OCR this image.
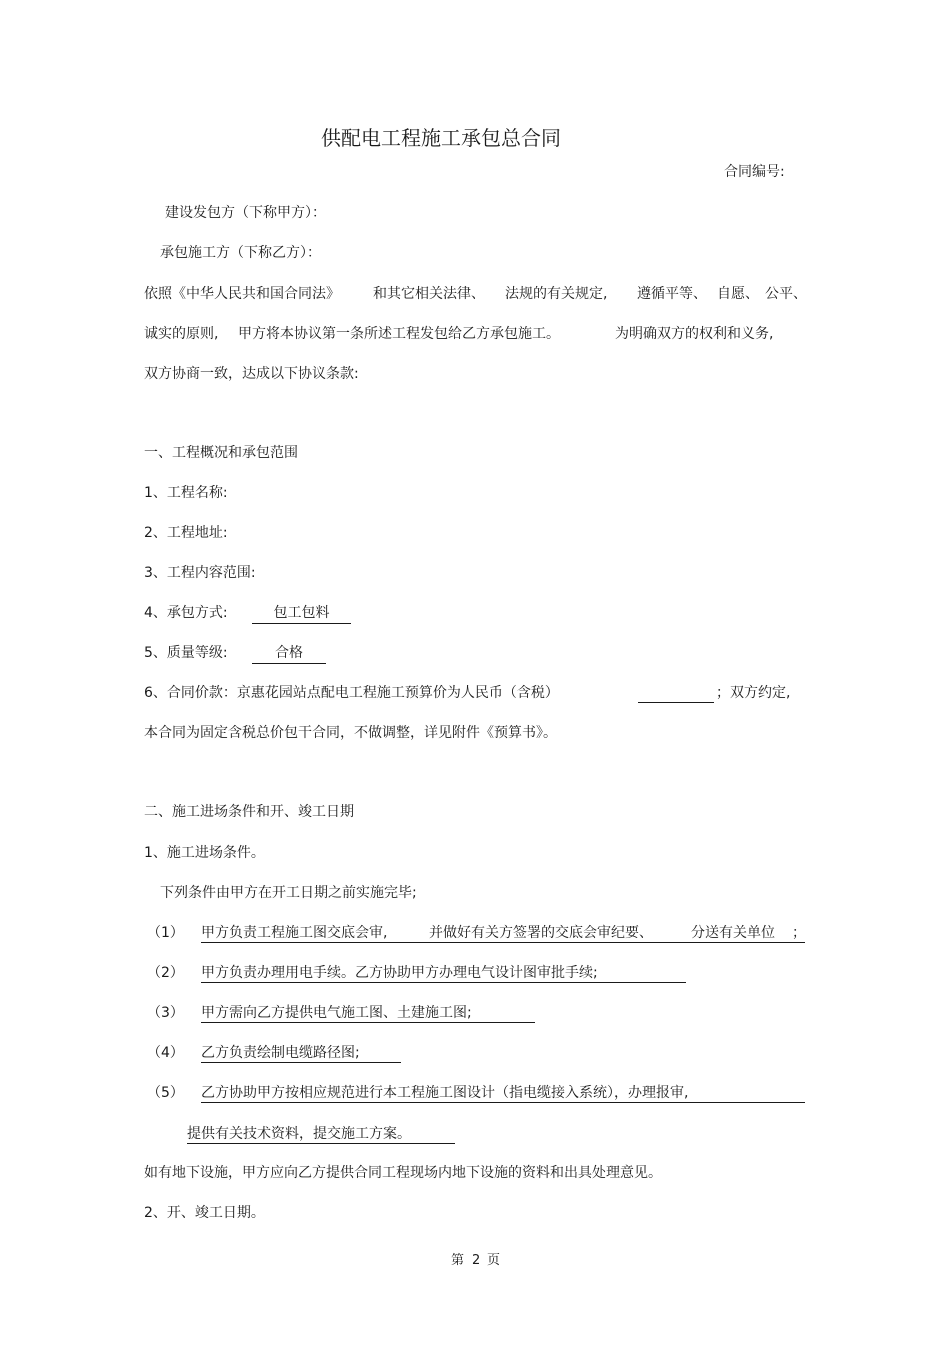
供配电工程施工承包总合同
合同编号:
建设发包方（下称甲方）：
承包施工方（下称乙方）：
依照《中华人民共和国合同法》 和其它相关法律、 法规的有关规定, 遵循平等、 自愿、 公平、
诚实的原则, 甲方将本协议第一条所述工程发包给乙方承包施工。	为明确双方的权利和义务,
双方协商一致，达成以下协议条款:
一、工程概况和承包范围
1、工程名称:
2、工程地址:
3、工程内容范围:
4、承包方式:	包工包料
5、质量等级:	合格
6、合同价款：京惠花园站点配电工程施工预算价为人民币（含税）	；双方约定,
本合同为固定含税总价包干合同，不做调整，详见附件《预算书》。
二、施工进场条件和开、竣工日期
1、施工进场条件。
下列条件由甲方在开工日期之前实施完毕;
（1） 甲方负责工程施工图交底会审,	并做好有关方签署的交底会审纪要、	分送有关单位 ；
（2） 甲方负责办理用电手续。乙方协助甲方办理电气设计图审批手续;
（3） 甲方需向乙方提供电气施工图、土建施工图;
（4） 乙方负责绘制电缆路径图;
（5） 乙方协助甲方按相应规范进行本工程施工图设计（指电缆接入系统），办理报审,
提供有关技术资料，提交施工方案。
如有地下设施，甲方应向乙方提供合同工程现场内地下设施的资料和出具处理意见。
2、开、竣工日期。
第 2 页
